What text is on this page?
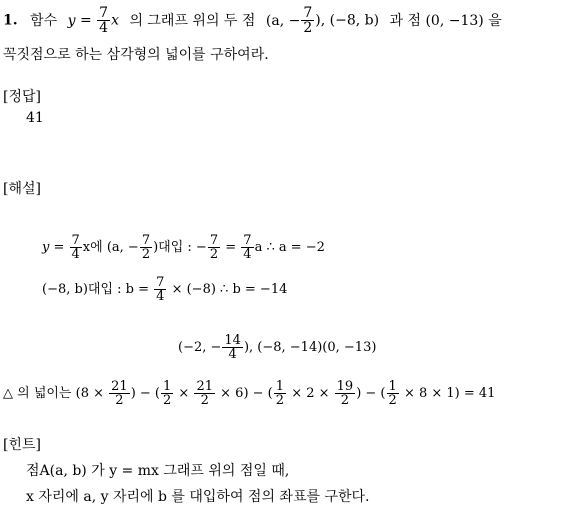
1. 함수 $y = \frac{7}{4}$ x 의 그래프 위의 두 점 (a, − $\frac{7}{2}$ ), (−8, b) 과 점 (0, −13) 을
꼭짓점으로 하는 삼각형의 넓이를 구하여라.
[정답]
41
[해설]
$y = \frac{7}{4}$ x에 (a, − $\frac{7}{2}$ )대입 : − $\frac{7}{2} = \frac{7}{4}$ a ∴ a = −2
(−8, b)대입 : $b = \frac{7}{4} \times (-8)$ ∴ b = −14
(−2, − $\frac{14}{4}$ ), (−8, −14)(0, −13)
△ 의 넓이는 ($8 \times \frac{21}{2}$ ) − ( $\frac{1}{2} \times \frac{21}{2} \times 6$) − ( $\frac{1}{2} \times 2 \times \frac{19}{2}$ ) − ( $\frac{1}{2} \times 8 \times 1) = 41$
[힌트]
점A(a, b) 가 y = mx 그래프 위의 점일 때,
x 자리에 a, y 자리에 b 를 대입하여 점의 좌표를 구한다.
